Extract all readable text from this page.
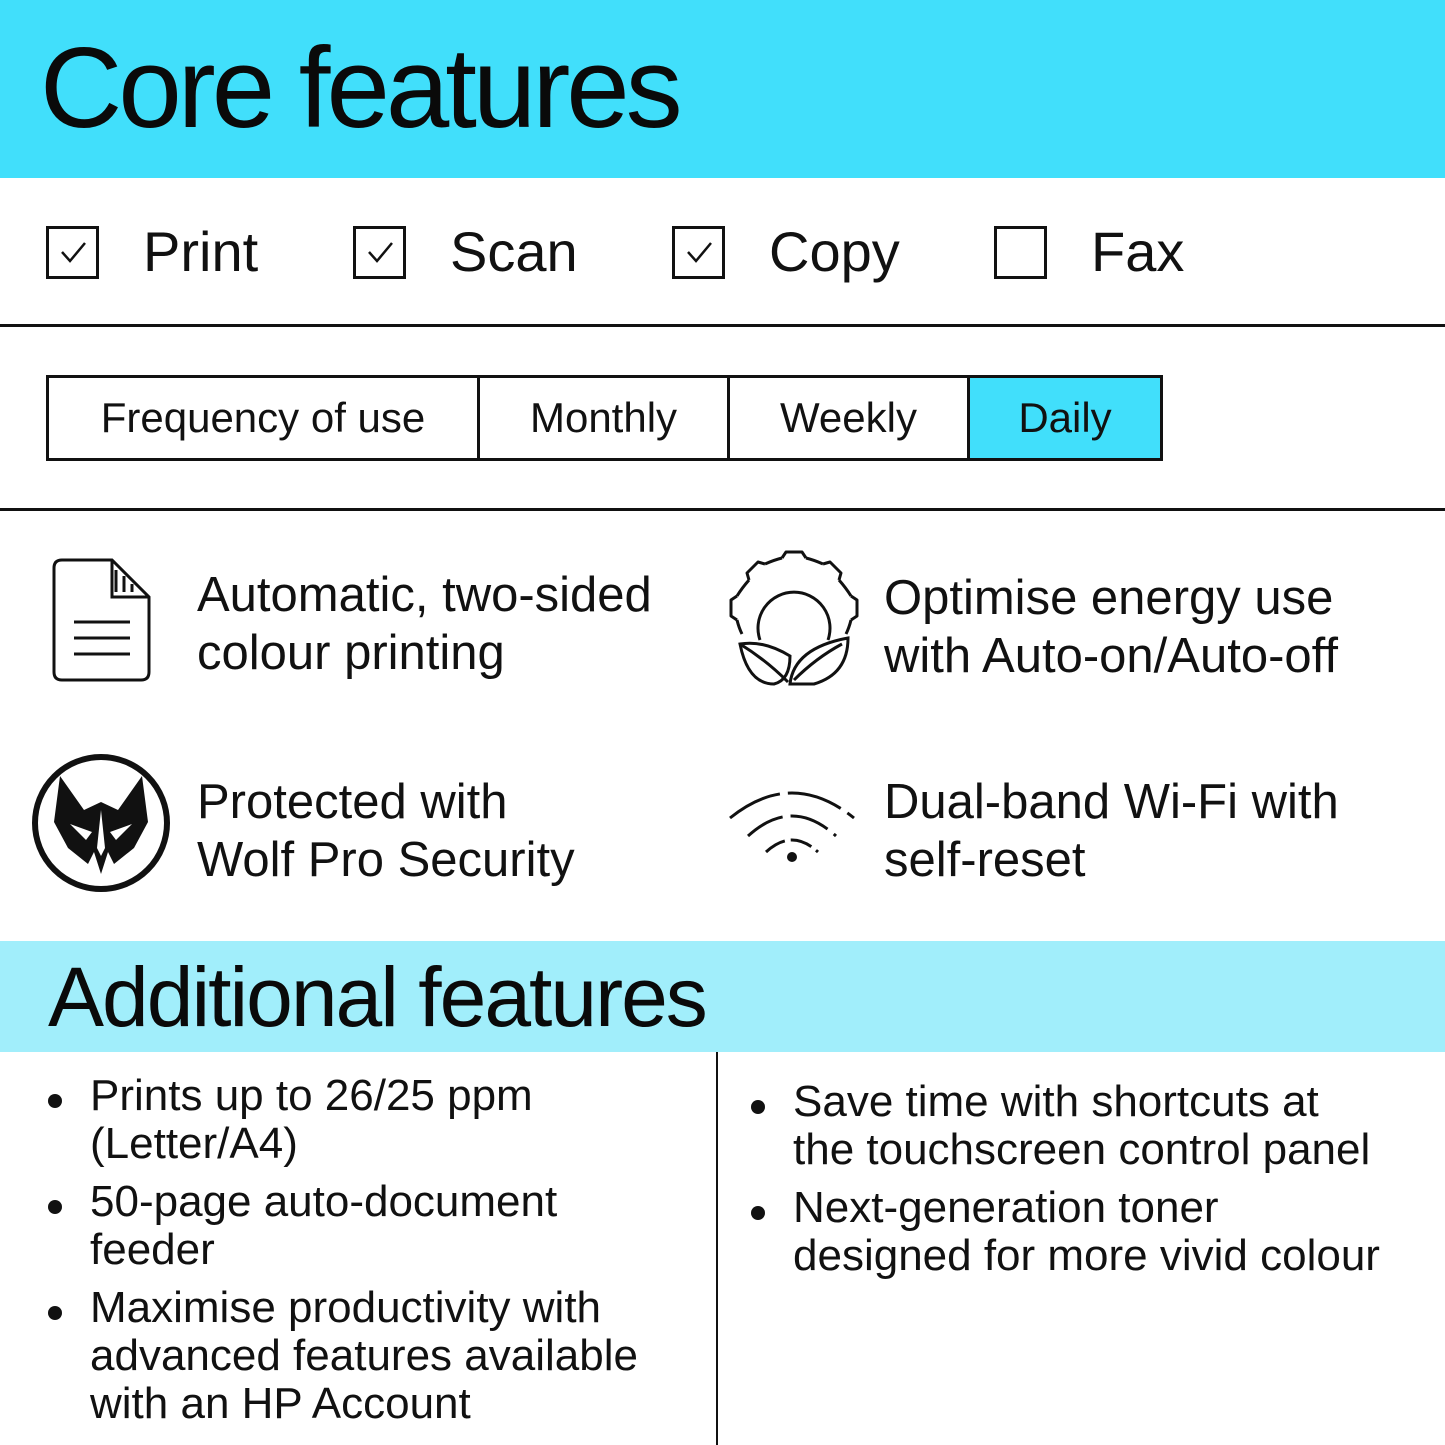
Core features
Print	Scan	Copy	Fax
Frequency of use	Monthly	Weekly	Daily
Automatic, two-sided
colour printing
Optimise energy use
with Auto-on/Auto-off
Protected with
Wolf Pro Security
Dual-band Wi-Fi with
self-reset
Additional features
Prints up to 26/25 ppm
(Letter/A4)
50-page auto-document
feeder
Maximise productivity with
advanced features available
with an HP Account
Save time with shortcuts at
the touchscreen control panel
Next-generation toner
designed for more vivid colour
